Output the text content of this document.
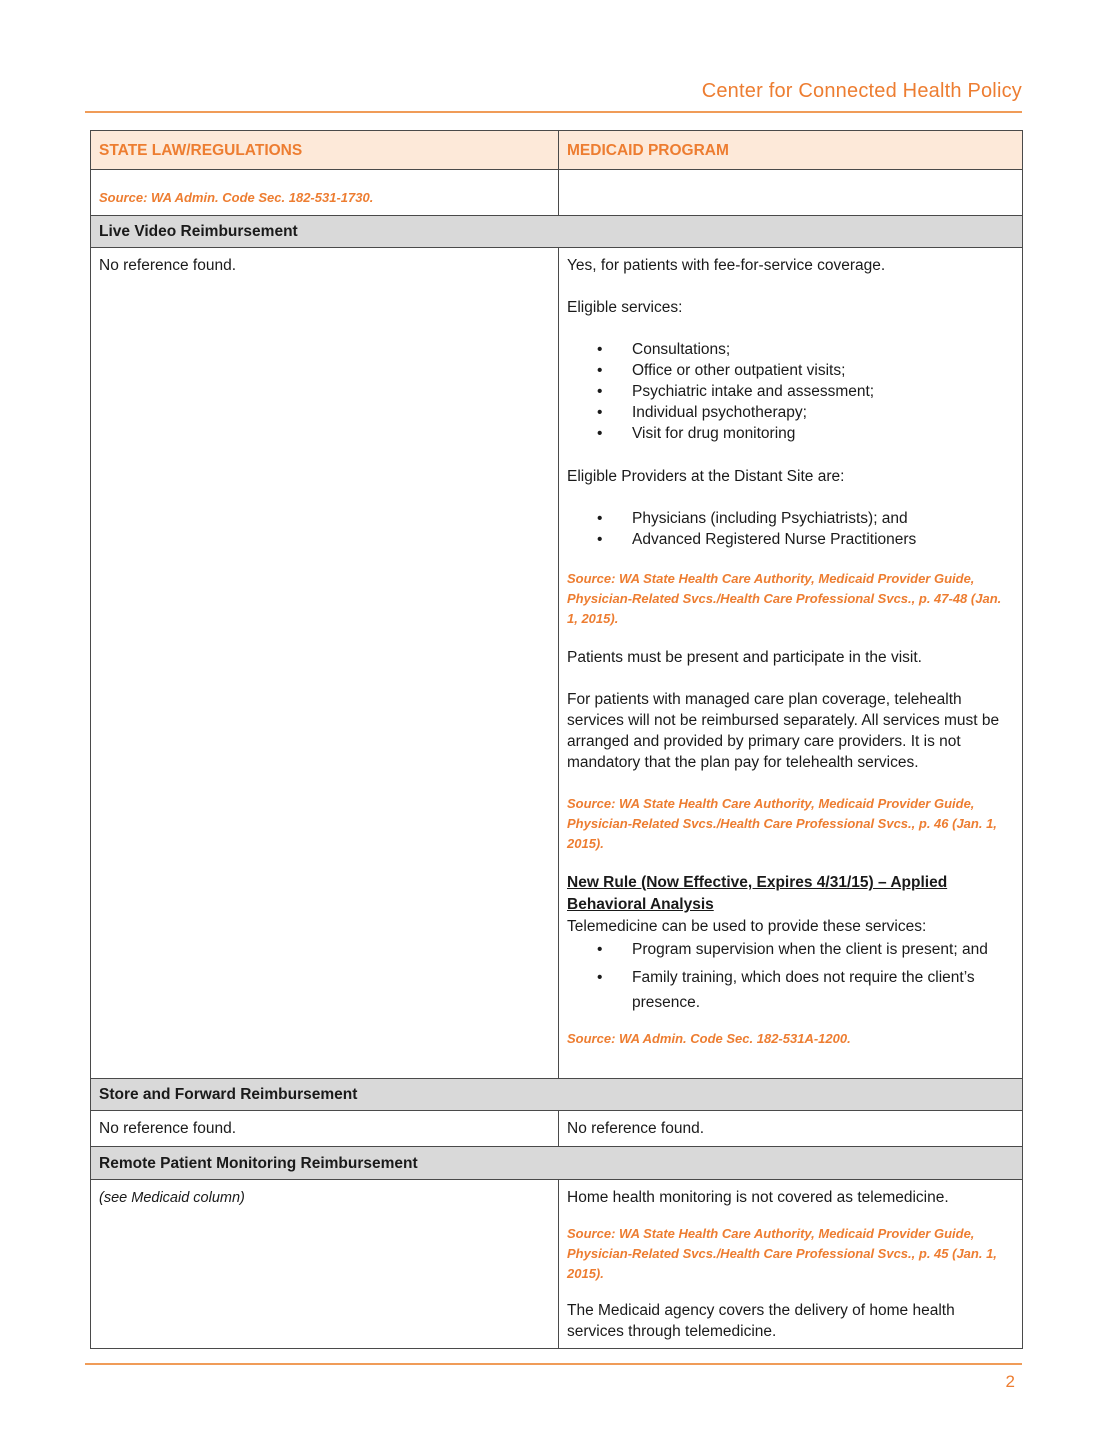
Center for Connected Health Policy
STATE LAW/REGULATIONS	MEDICAID PROGRAM
Source: WA Admin. Code Sec. 182-531-1730.
Live Video Reimbursement

No reference found.	Yes, for patients with fee-for-service coverage.

Eligible services:

•	Consultations;
•	Office or other outpatient visits;
•	Psychiatric intake and assessment;
•	Individual psychotherapy;
•	Visit for drug monitoring

Eligible Providers at the Distant Site are:

•	Physicians (including Psychiatrists); and
•	Advanced Registered Nurse Practitioners

Source: WA State Health Care Authority, Medicaid Provider Guide, Physician-Related Svcs./Health Care Professional Svcs., p. 47-48 (Jan. 1, 2015).

Patients must be present and participate in the visit.

For patients with managed care plan coverage, telehealth services will not be reimbursed separately. All services must be arranged and provided by primary care providers. It is not mandatory that the plan pay for telehealth services.

Source: WA State Health Care Authority, Medicaid Provider Guide, Physician-Related Svcs./Health Care Professional Svcs., p. 46 (Jan. 1, 2015).

New Rule (Now Effective, Expires 4/31/15) – Applied Behavioral Analysis

Telemedicine can be used to provide these services:

•	Program supervision when the client is present; and
•	Family training, which does not require the client’s presence.

Source: WA Admin. Code Sec. 182-531A-1200.

Store and Forward Reimbursement
No reference found.	No reference found.
Remote Patient Monitoring Reimbursement
(see Medicaid column)	Home health monitoring is not covered as telemedicine.

Source: WA State Health Care Authority, Medicaid Provider Guide, Physician-Related Svcs./Health Care Professional Svcs., p. 45 (Jan. 1, 2015).

The Medicaid agency covers the delivery of home health services through telemedicine.

2
